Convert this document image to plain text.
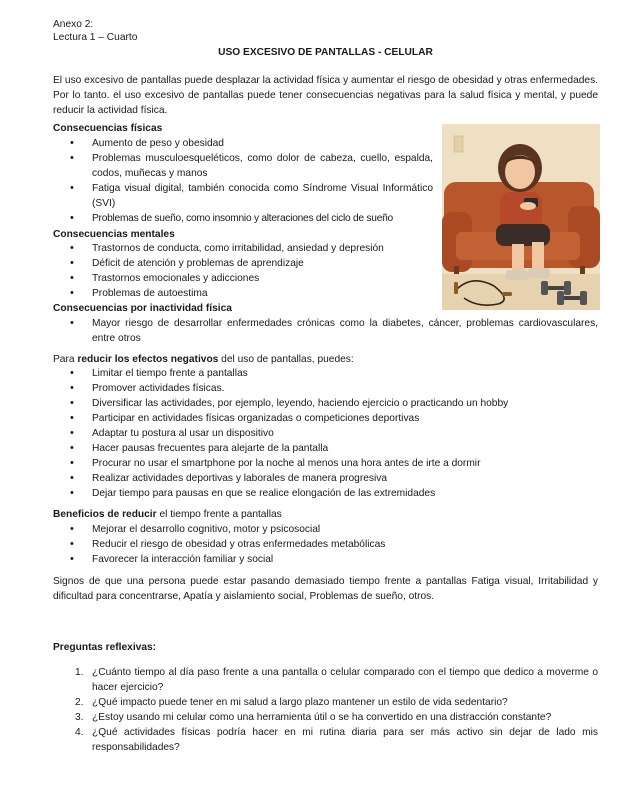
Anexo 2:
Lectura 1 – Cuarto
USO EXCESIVO DE PANTALLAS - CELULAR
El uso excesivo de pantallas puede desplazar la actividad física y aumentar el riesgo de obesidad y otras enfermedades. Por lo tanto. el uso excesivo de pantallas puede tener consecuencias negativas para la salud física y mental, y puede reducir la actividad física.
Consecuencias físicas
• Aumento de peso y obesidad
• Problemas musculoesqueléticos, como dolor de cabeza, cuello, espalda, codos, muñecas y manos
• Fatiga visual digital, también conocida como Síndrome Visual Informático (SVI)
• Problemas de sueño, como insomnio y alteraciones del ciclo de sueño
Consecuencias mentales
• Trastornos de conducta, como irritabilidad, ansiedad y depresión
• Déficit de atención y problemas de aprendizaje
• Trastornos emocionales y adicciones
• Problemas de autoestima
Consecuencias por inactividad física
• Mayor riesgo de desarrollar enfermedades crónicas como la diabetes, cáncer, problemas cardiovasculares, entre otros
Para reducir los efectos negativos del uso de pantallas, puedes:
• Limitar el tiempo frente a pantallas
• Promover actividades físicas.
• Diversificar las actividades, por ejemplo, leyendo, haciendo ejercicio o practicando un hobby
• Participar en actividades físicas organizadas o competiciones deportivas
• Adaptar tu postura al usar un dispositivo
• Hacer pausas frecuentes para alejarte de la pantalla
• Procurar no usar el smartphone por la noche al menos una hora antes de irte a dormir
• Realizar actividades deportivas y laborales de manera progresiva
• Dejar tiempo para pausas en que se realice elongación de las extremidades
Beneficios de reducir el tiempo frente a pantallas
• Mejorar el desarrollo cognitivo, motor y psicosocial
• Reducir el riesgo de obesidad y otras enfermedades metabólicas
• Favorecer la interacción familiar y social
Signos de que una persona puede estar pasando demasiado tiempo frente a pantallas Fatiga visual, Irritabilidad y dificultad para concentrarse, Apatía y aislamiento social, Problemas de sueño, otros.
Preguntas reflexivas:
1. ¿Cuánto tiempo al día paso frente a una pantalla o celular comparado con el tiempo que dedico a moverme o hacer ejercicio?
2. ¿Qué impacto puede tener en mi salud a largo plazo mantener un estilo de vida sedentario?
3. ¿Estoy usando mi celular como una herramienta útil o se ha convertido en una distracción constante?
4. ¿Qué actividades físicas podría hacer en mi rutina diaria para ser más activo sin dejar de lado mis responsabilidades?
